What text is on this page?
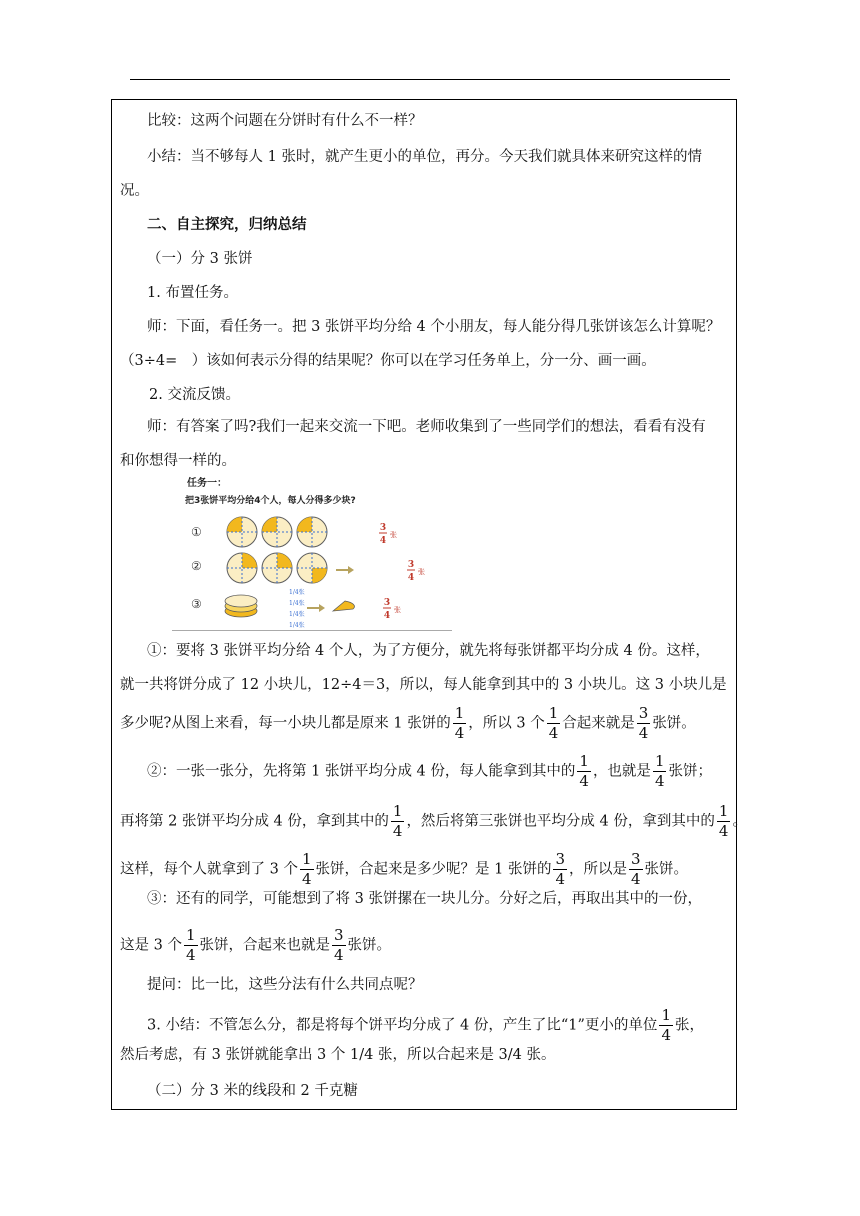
比较：这两个问题在分饼时有什么不一样？
小结：当不够每人 1 张时，就产生更小的单位，再分。今天我们就具体来研究这样的情
况。
二、自主探究，归纳总结
（一）分 3 张饼
1. 布置任务。
师：下面，看任务一。把 3 张饼平均分给 4 个小朋友，每人能分得几张饼该怎么计算呢？
（3÷4=　）该如何表示分得的结果呢？你可以在学习任务单上，分一分、画一画。
2. 交流反馈。
师：有答案了吗?我们一起来交流一下吧。老师收集到了一些同学们的想法，看看有没有
和你想得一样的。
①：要将 3 张饼平均分给 4 个人，为了方便分，就先将每张饼都平均分成 4 份。这样，
就一共将饼分成了 12 小块儿，12÷4＝3，所以，每人能拿到其中的 3 小块儿。这 3 小块儿是
多少呢?从图上来看，每一小块儿都是原来 1 张饼的 $\frac{1}{4}$ ，所以 3 个 $\frac{1}{4}$ 合起来就是 $\frac{3}{4}$ 张饼。
②：一张一张分，先将第 1 张饼平均分成 4 份，每人能拿到其中的 $\frac{1}{4}$ ，也就是 $\frac{1}{4}$ 张饼；
再将第 2 张饼平均分成 4 份，拿到其中的 $\frac{1}{4}$ ，然后将第三张饼也平均分成 4 份，拿到其中的 $\frac{1}{4}$ 。
这样，每个人就拿到了 3 个 $\frac{1}{4}$ 张饼，合起来是多少呢？是 1 张饼的 $\frac{3}{4}$ ，所以是 $\frac{3}{4}$ 张饼。
③：还有的同学，可能想到了将 3 张饼摞在一块儿分。分好之后，再取出其中的一份，
这是 3 个 $\frac{1}{4}$ 张饼，合起来也就是 $\frac{3}{4}$ 张饼。
提问：比一比，这些分法有什么共同点呢？
3. 小结：不管怎么分，都是将每个饼平均分成了 4 份，产生了比“1”更小的单位 $\frac{1}{4}$ 张，
然后考虑，有 3 张饼就能拿出 3 个 1/4 张，所以合起来是 3/4 张。
（二）分 3 米的线段和 2 千克糖
任务一：
把3张饼平均分给4个人，每人分得多少块?
①
②
③
3
4
张
3
4
张
1/4张
1/4张
1/4张
1/4张
3
4
张
